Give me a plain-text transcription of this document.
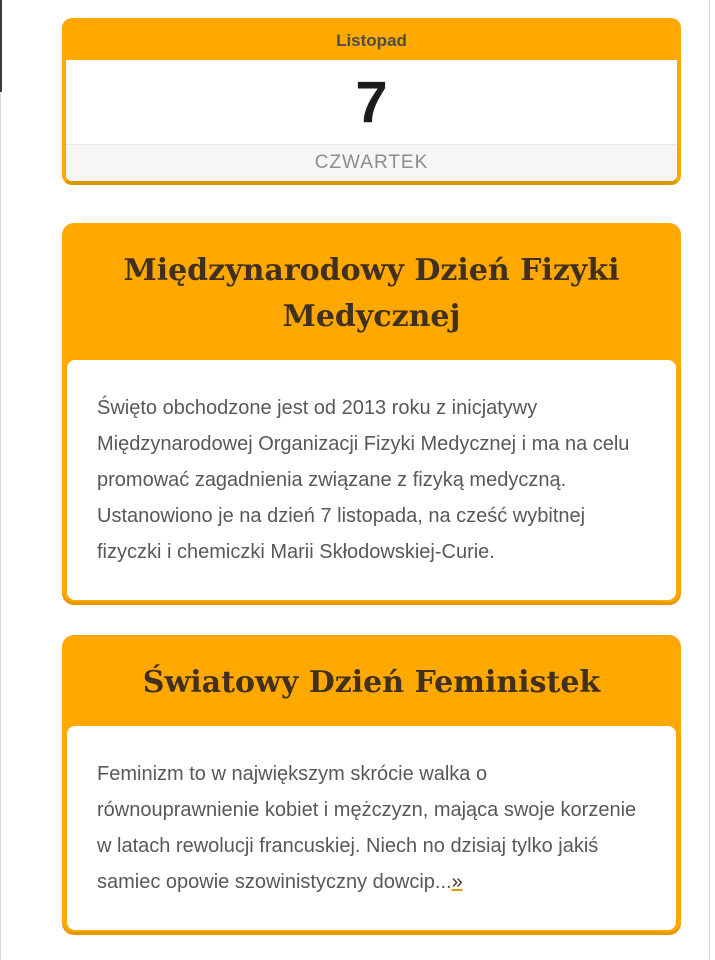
Listopad
7
CZWARTEK
Międzynarodowy Dzień Fizyki Medycznej
Święto obchodzone jest od 2013 roku z inicjatywy Międzynarodowej Organizacji Fizyki Medycznej i ma na celu promować zagadnienia związane z fizyką medyczną. Ustanowiono je na dzień 7 listopada, na cześć wybitnej fizyczki i chemiczki Marii Skłodowskiej-Curie.
Światowy Dzień Feministek
Feminizm to w największym skrócie walka o równouprawnienie kobiet i mężczyzn, mająca swoje korzenie w latach rewolucji francuskiej. Niech no dzisiaj tylko jakiś samiec opowie szowinistyczny dowcip...»
